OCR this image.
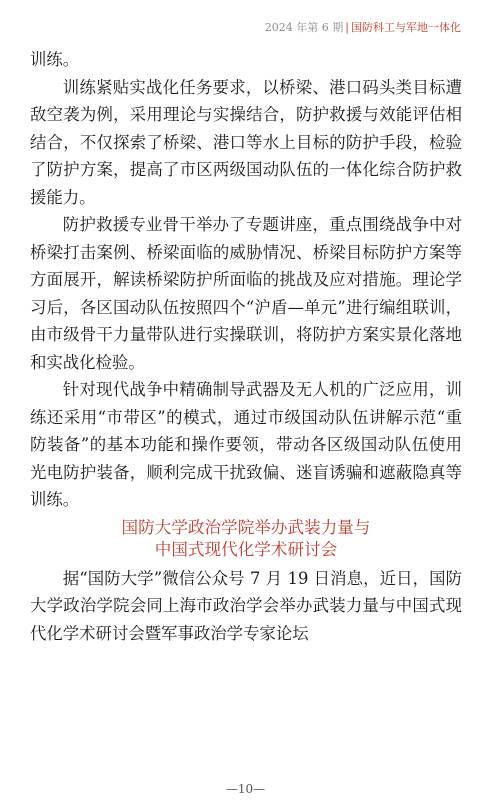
2024 年第 6 期 | 国防科工与军地一体化

训练。

训练紧贴实战化任务要求，以桥梁、港口码头类目标遭敌空袭为例，采用理论与实操结合，防护救援与效能评估相结合，不仅探索了桥梁、港口等水上目标的防护手段，检验了防护方案，提高了市区两级国动队伍的一体化综合防护救援能力。

防护救援专业骨干举办了专题讲座，重点围绕战争中对桥梁打击案例、桥梁面临的威胁情况、桥梁目标防护方案等方面展开，解读桥梁防护所面临的挑战及应对措施。理论学习后，各区国动队伍按照四个“沪盾—单元”进行编组联训，由市级骨干力量带队进行实操联训，将防护方案实景化落地和实战化检验。

针对现代战争中精确制导武器及无人机的广泛应用，训练还采用“市带区”的模式，通过市级国动队伍讲解示范“重防装备”的基本功能和操作要领，带动各区级国动队伍使用光电防护装备，顺利完成干扰致偏、迷盲诱骗和遮蔽隐真等训练。

国防大学政治学院举办武装力量与
中国式现代化学术研讨会

据“国防大学”微信公众号 7 月 19 日消息，近日，国防大学政治学院会同上海市政治学会举办武装力量与中国式现代化学术研讨会暨军事政治学专家论坛

—10—
